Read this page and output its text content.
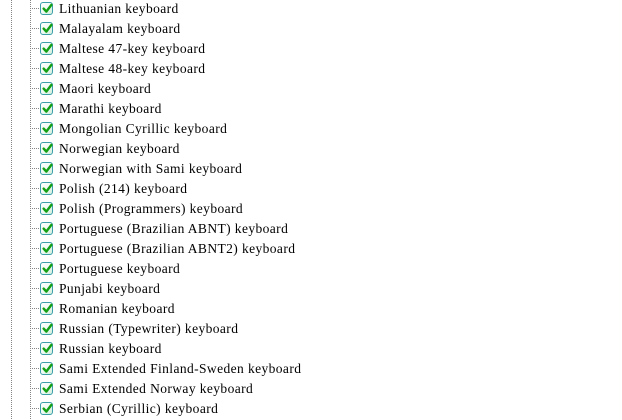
Lithuanian keyboard
Malayalam keyboard
Maltese 47-key keyboard
Maltese 48-key keyboard
Maori keyboard
Marathi keyboard
Mongolian Cyrillic keyboard
Norwegian keyboard
Norwegian with Sami keyboard
Polish (214) keyboard
Polish (Programmers) keyboard
Portuguese (Brazilian ABNT) keyboard
Portuguese (Brazilian ABNT2) keyboard
Portuguese keyboard
Punjabi keyboard
Romanian keyboard
Russian (Typewriter) keyboard
Russian keyboard
Sami Extended Finland-Sweden keyboard
Sami Extended Norway keyboard
Serbian (Cyrillic) keyboard
